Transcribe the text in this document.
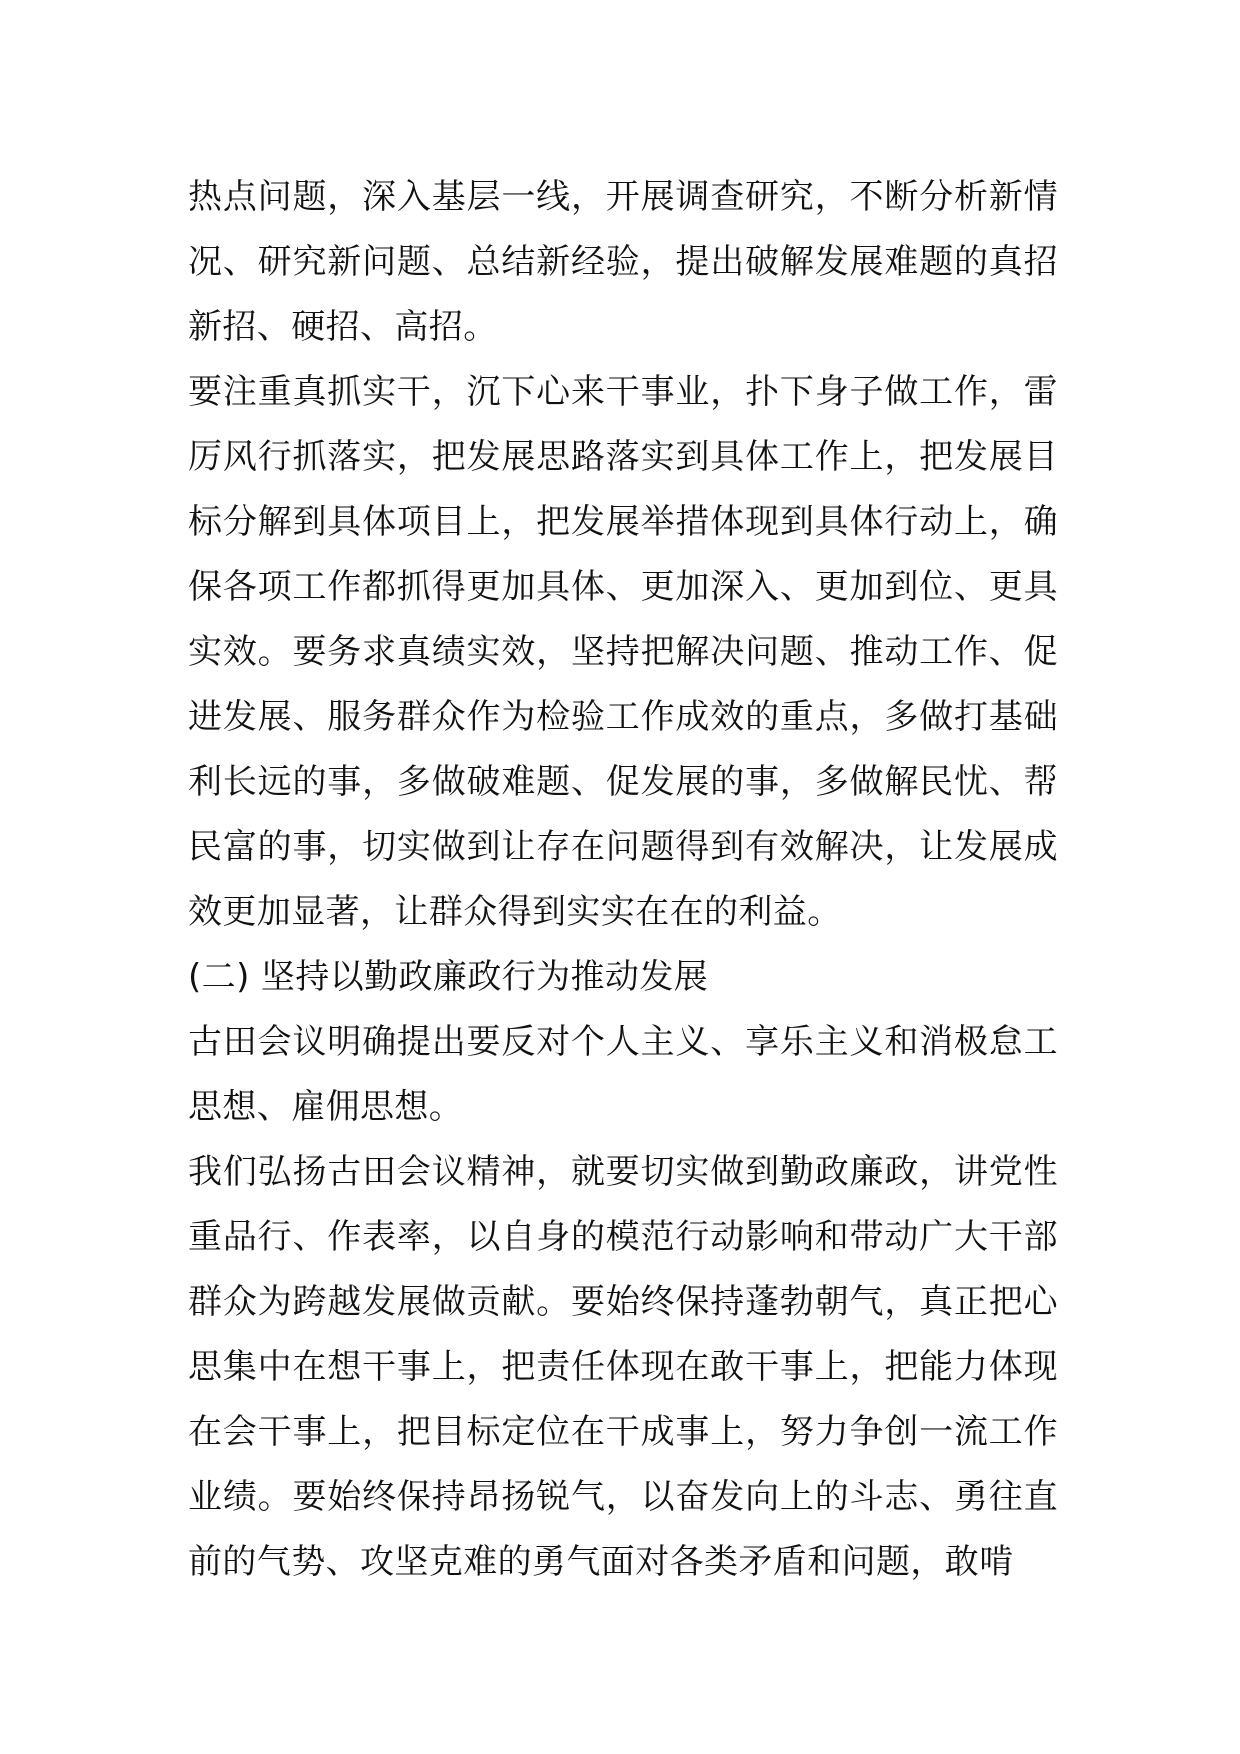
热点问题，深入基层一线，开展调查研究，不断分析新情况、研究新问题、总结新经验，提出破解发展难题的真招新招、硬招、高招。

要注重真抓实干，沉下心来干事业，扑下身子做工作，雷厉风行抓落实，把发展思路落实到具体工作上，把发展目标分解到具体项目上，把发展举措体现到具体行动上，确保各项工作都抓得更加具体、更加深入、更加到位、更具实效。要务求真绩实效，坚持把解决问题、推动工作、促进发展、服务群众作为检验工作成效的重点，多做打基础利长远的事，多做破难题、促发展的事，多做解民忧、帮民富的事，切实做到让存在问题得到有效解决，让发展成效更加显著，让群众得到实实在在的利益。

(二) 坚持以勤政廉政行为推动发展

古田会议明确提出要反对个人主义、享乐主义和消极怠工思想、雇佣思想。

我们弘扬古田会议精神，就要切实做到勤政廉政，讲党性重品行、作表率，以自身的模范行动影响和带动广大干部群众为跨越发展做贡献。要始终保持蓬勃朝气，真正把心思集中在想干事上，把责任体现在敢干事上，把能力体现在会干事上，把目标定位在干成事上，努力争创一流工作业绩。要始终保持昂扬锐气，以奋发向上的斗志、勇往直前的气势、攻坚克难的勇气面对各类矛盾和问题，敢啃
